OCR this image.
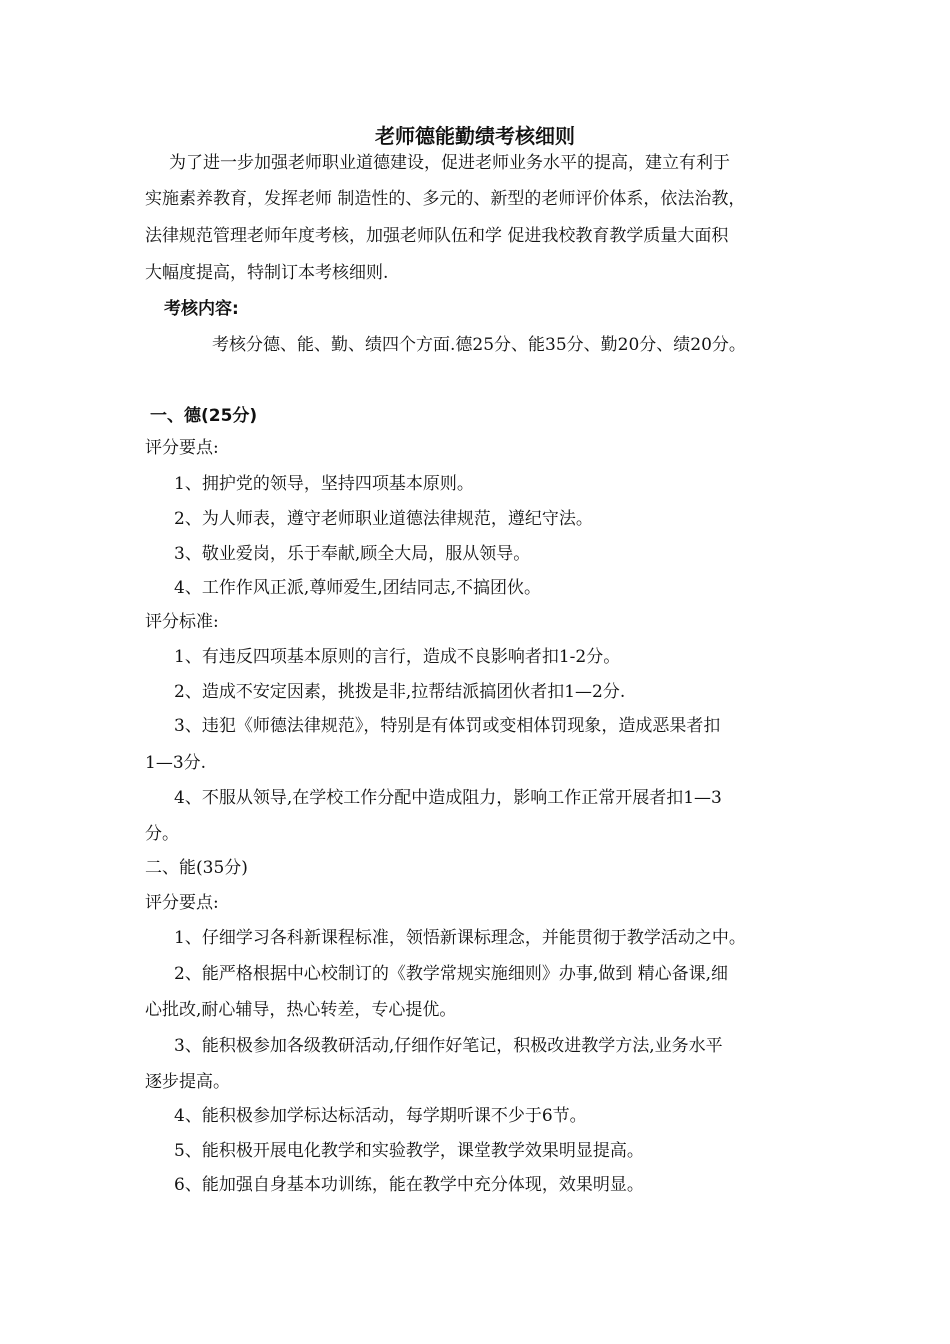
老师德能勤绩考核细则
为了进一步加强老师职业道德建设，促进老师业务水平的提高，建立有利于
实施素养教育，发挥老师 制造性的、多元的、新型的老师评价体系，依法治教，
法律规范管理老师年度考核，加强老师队伍和学 促进我校教育教学质量大面积
大幅度提高，特制订本考核细则.
考核内容:
考核分德、能、勤、绩四个方面.德25分、能35分、勤20分、绩20分。
一、德(25分)
评分要点:
1、拥护党的领导，坚持四项基本原则。
2、为人师表，遵守老师职业道德法律规范，遵纪守法。
3、敬业爱岗，乐于奉献,顾全大局，服从领导。
4、工作作风正派,尊师爱生,团结同志,不搞团伙。
评分标准:
1、有违反四项基本原则的言行，造成不良影响者扣1-2分。
2、造成不安定因素，挑拨是非,拉帮结派搞团伙者扣1—2分.
3、违犯《师德法律规范》，特别是有体罚或变相体罚现象，造成恶果者扣
1—3分.
4、不服从领导,在学校工作分配中造成阻力，影响工作正常开展者扣1—3
分。
二、能(35分)
评分要点:
1、仔细学习各科新课程标准，领悟新课标理念，并能贯彻于教学活动之中。
2、能严格根据中心校制订的《教学常规实施细则》办事,做到 精心备课,细
心批改,耐心辅导，热心转差，专心提优。
3、能积极参加各级教研活动,仔细作好笔记，积极改进教学方法,业务水平
逐步提高。
4、能积极参加学标达标活动，每学期听课不少于6节。
5、能积极开展电化教学和实验教学，课堂教学效果明显提高。
6、能加强自身基本功训练，能在教学中充分体现，效果明显。
